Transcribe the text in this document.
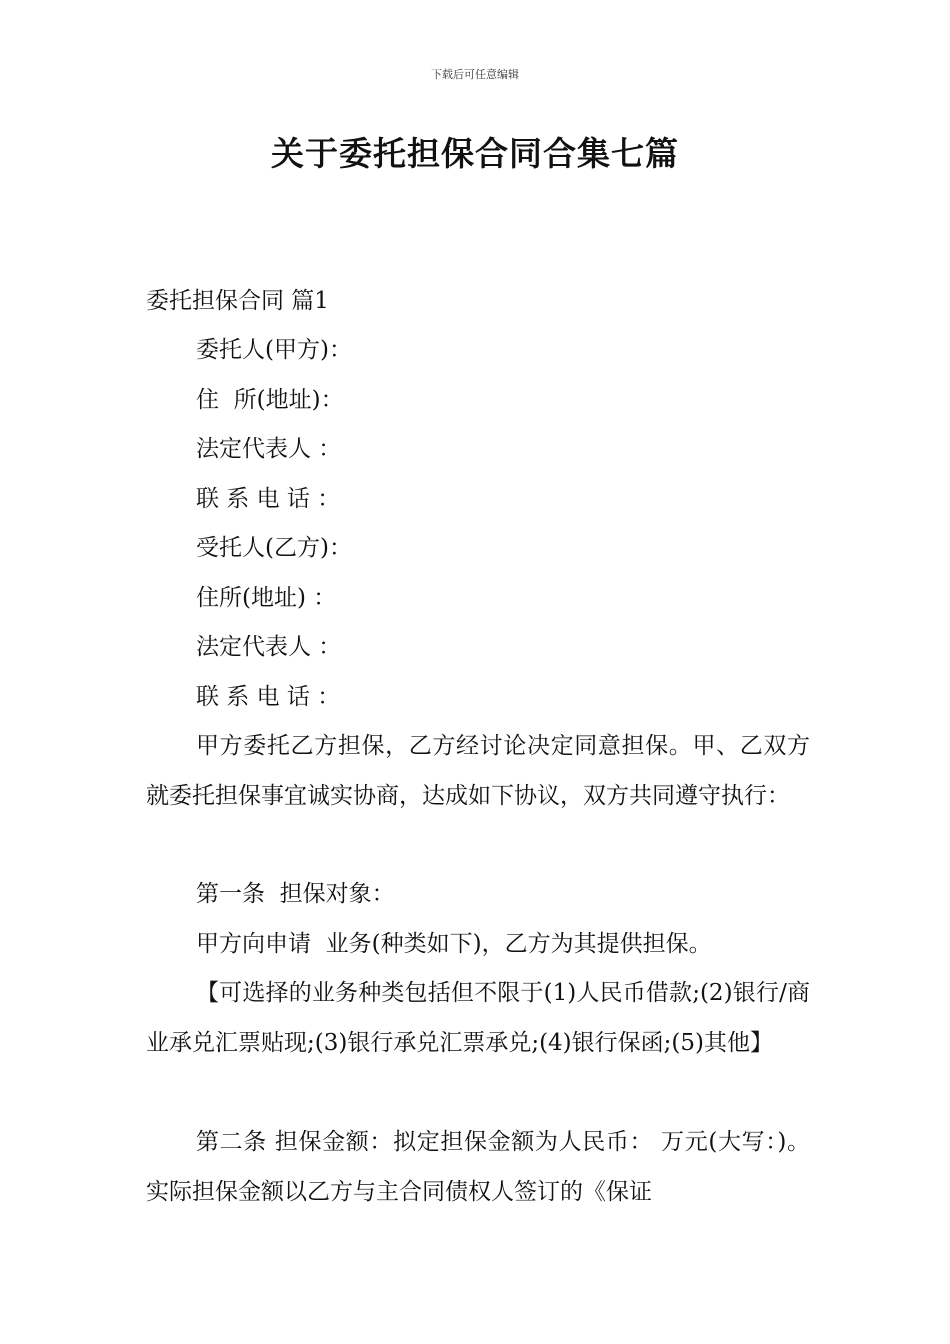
下载后可任意编辑
关于委托担保合同合集七篇
委托担保合同 篇1
委托人(甲方)：
住  所(地址)：
法定代表人 ：
联 系 电 话 ：
受托人(乙方)：
住所(地址) ：
法定代表人 ：
联 系 电 话 ：
甲方委托乙方担保，乙方经讨论决定同意担保。甲、乙双方就委托担保事宜诚实协商，达成如下协议，双方共同遵守执行：
第一条  担保对象：
甲方向申请  业务(种类如下)，乙方为其提供担保。
【可选择的业务种类包括但不限于(1)人民币借款;(2)银行/商业承兑汇票贴现;(3)银行承兑汇票承兑;(4)银行保函;(5)其他】
第二条 担保金额：拟定担保金额为人民币： 万元(大写：)。实际担保金额以乙方与主合同债权人签订的《保证
